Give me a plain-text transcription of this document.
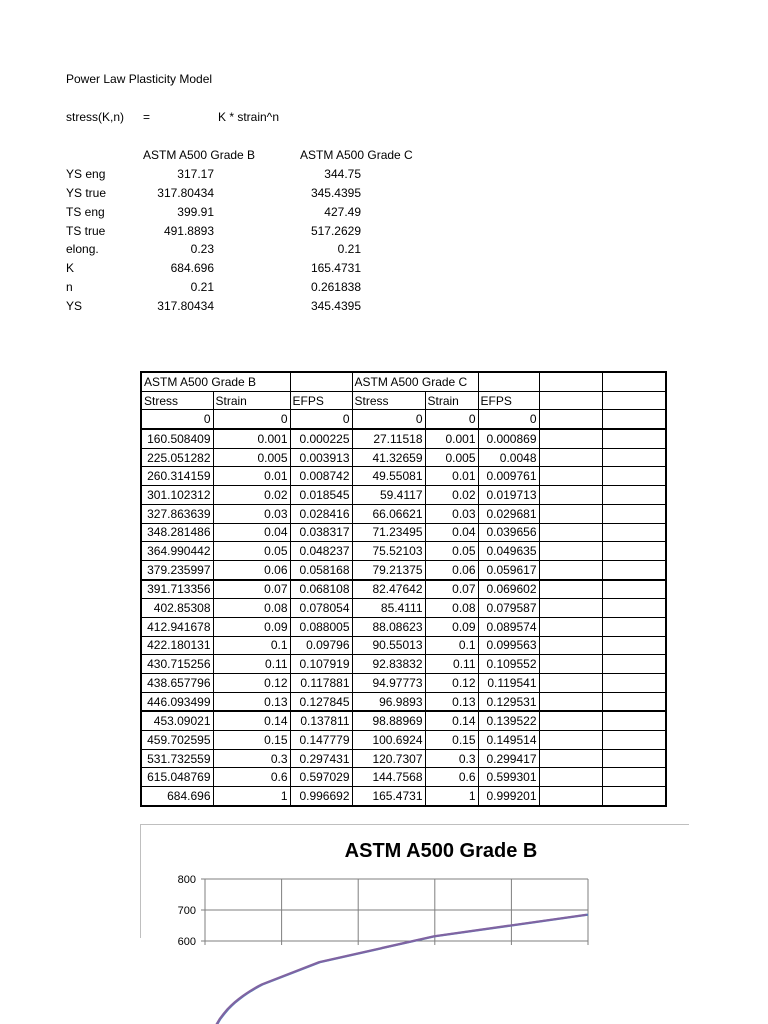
Power Law Plasticity Model
stress(K,n) =	K * strain^n
ASTM A500 Grade B	ASTM A500 Grade C
YS eng	317.17	344.75
YS true	317.80434	345.4395
TS eng	399.91	427.49
TS true	491.8893	517.2629
elong.	0.23	0.21
K	684.696	165.4731
n	0.21	0.261838
YS	317.80434	345.4395
ASTM A500 Grade B			ASTM A500 Grade C				
Stress	Strain	EFPS	Stress	Strain	EFPS		
0	0	0	0	0	0		
160.508409	0.001	0.000225	27.11518	0.001	0.000869		
225.051282	0.005	0.003913	41.32659	0.005	0.0048		
260.314159	0.01	0.008742	49.55081	0.01	0.009761		
301.102312	0.02	0.018545	59.4117	0.02	0.019713		
327.863639	0.03	0.028416	66.06621	0.03	0.029681		
348.281486	0.04	0.038317	71.23495	0.04	0.039656		
364.990442	0.05	0.048237	75.52103	0.05	0.049635		
379.235997	0.06	0.058168	79.21375	0.06	0.059617		
391.713356	0.07	0.068108	82.47642	0.07	0.069602		
402.85308	0.08	0.078054	85.4111	0.08	0.079587		
412.941678	0.09	0.088005	88.08623	0.09	0.089574		
422.180131	0.1	0.09796	90.55013	0.1	0.099563		
430.715256	0.11	0.107919	92.83832	0.11	0.109552		
438.657796	0.12	0.117881	94.97773	0.12	0.119541		
446.093499	0.13	0.127845	96.9893	0.13	0.129531		
453.09021	0.14	0.137811	98.88969	0.14	0.139522		
459.702595	0.15	0.147779	100.6924	0.15	0.149514		
531.732559	0.3	0.297431	120.7307	0.3	0.299417		
615.048769	0.6	0.597029	144.7568	0.6	0.599301		
684.696	1	0.996692	165.4731	1	0.999201		
800
700
600
ASTM A500 Grade B
